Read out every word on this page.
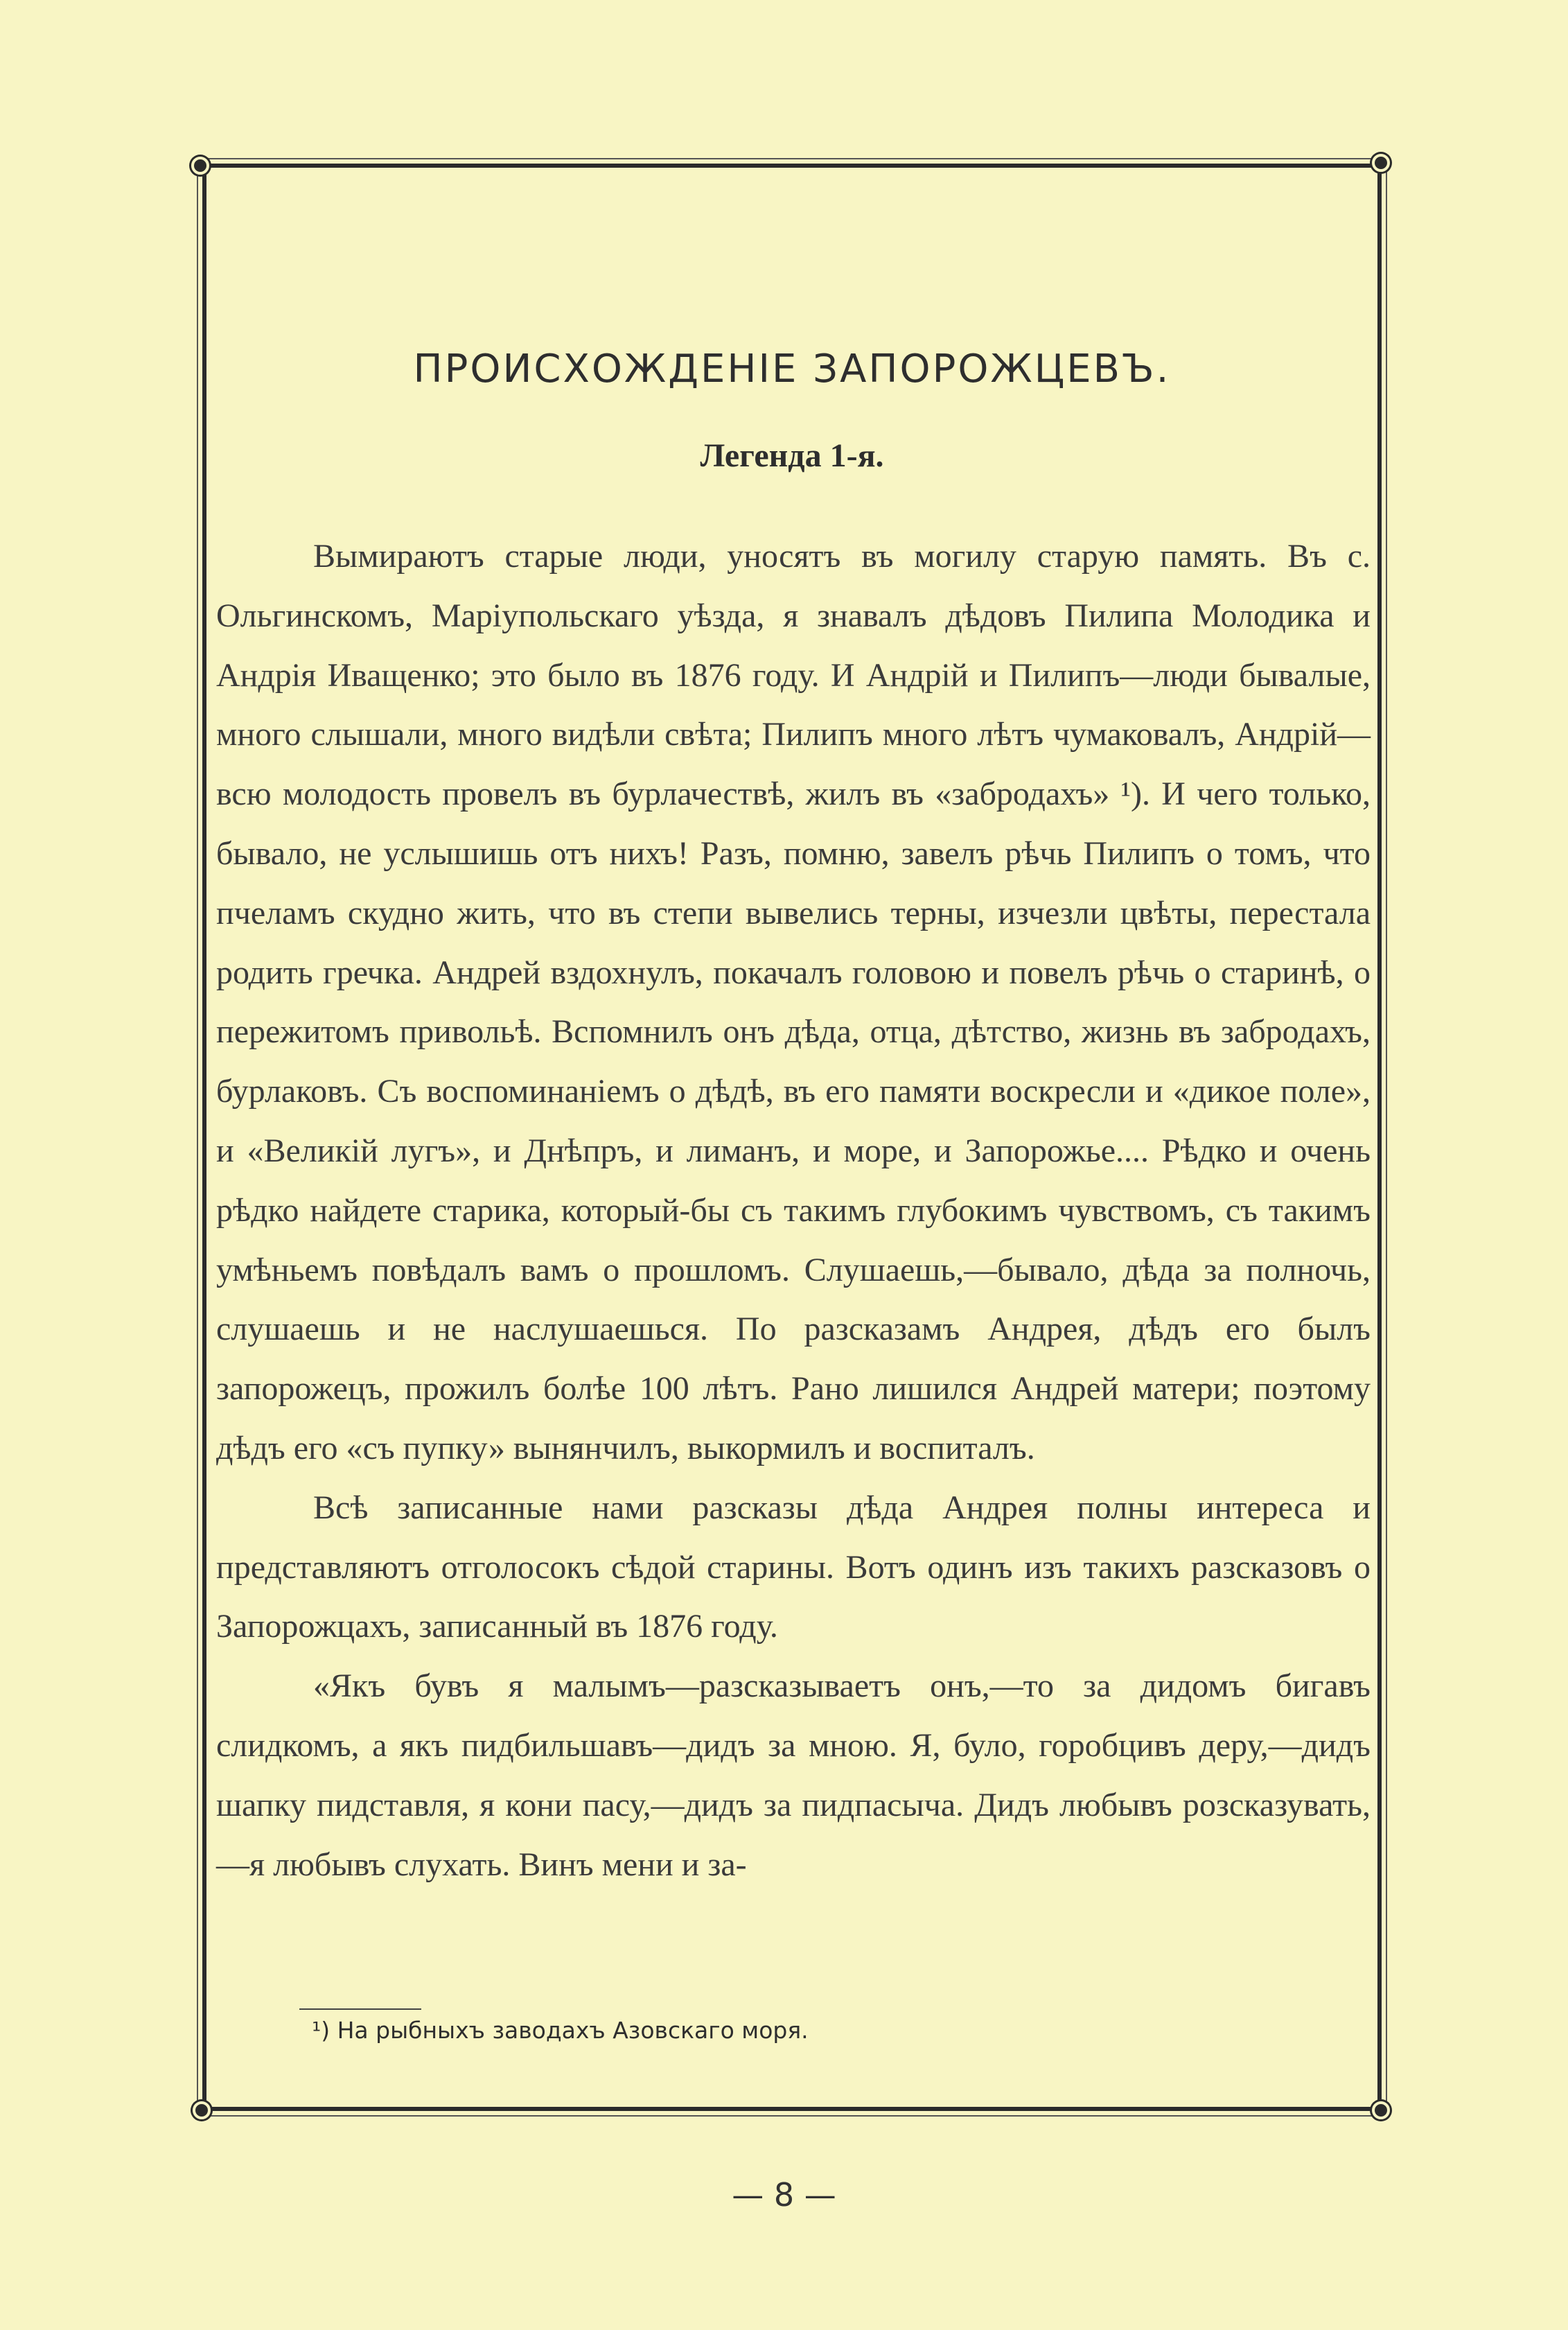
ПРОИСХОЖДЕНІЕ ЗАПОРОЖЦЕВЪ.
Легенда 1-я.

Вымираютъ старые люди, уносятъ въ могилу старую память. Въ с. Ольгинскомъ, Маріупольскаго уѣзда, я знавалъ дѣдовъ Пилипа Молодика и Андрія Иващенко; это было въ 1876 году. И Андрій и Пилипъ—люди бывалые, много слышали, много видѣли свѣта; Пилипъ много лѣтъ чумаковалъ, Андрій—всю молодость провелъ въ бурлачествѣ, жилъ въ «забродахъ» ¹). И чего только, бывало, не услышишь отъ нихъ! Разъ, помню, завелъ рѣчь Пилипъ о томъ, что пчеламъ скудно жить, что въ степи вывелись терны, изчезли цвѣты, перестала родить гречка. Андрей вздохнулъ, покачалъ головою и повелъ рѣчь о старинѣ, о пережитомъ привольѣ. Вспомнилъ онъ дѣда, отца, дѣтство, жизнь въ забродахъ, бурлаковъ. Съ воспоминаніемъ о дѣдѣ, въ его памяти воскресли и «дикое поле», и «Великій лугъ», и Днѣпръ, и лиманъ, и море, и Запорожье.... Рѣдко и очень рѣдко найдете старика, который-бы съ такимъ глубокимъ чувствомъ, съ такимъ умѣньемъ повѣдалъ вамъ о прошломъ. Слушаешь,—бывало, дѣда за полночь, слушаешь и не наслушаешься. По разсказамъ Андрея, дѣдъ его былъ запорожецъ, прожилъ болѣе 100 лѣтъ. Рано лишился Андрей матери; поэтому дѣдъ его «съ пупку» вынянчилъ, выкормилъ и воспиталъ.

Всѣ записанные нами разсказы дѣда Андрея полны интереса и представляютъ отголосокъ сѣдой старины. Вотъ одинъ изъ такихъ разсказовъ о Запорожцахъ, записанный въ 1876 году.

«Якъ бувъ я малымъ—разсказываетъ онъ,—то за дидомъ бигавъ слидкомъ, а якъ пидбильшавъ—дидъ за мною. Я, було, горобцивъ деру,—дидъ шапку пидставля, я кони пасу,—дидъ за пидпасыча. Дидъ любывъ розсказувать,—я любывъ слухать. Винъ мени и за-

¹) На рыбныхъ заводахъ Азовскаго моря.
— 8 —
